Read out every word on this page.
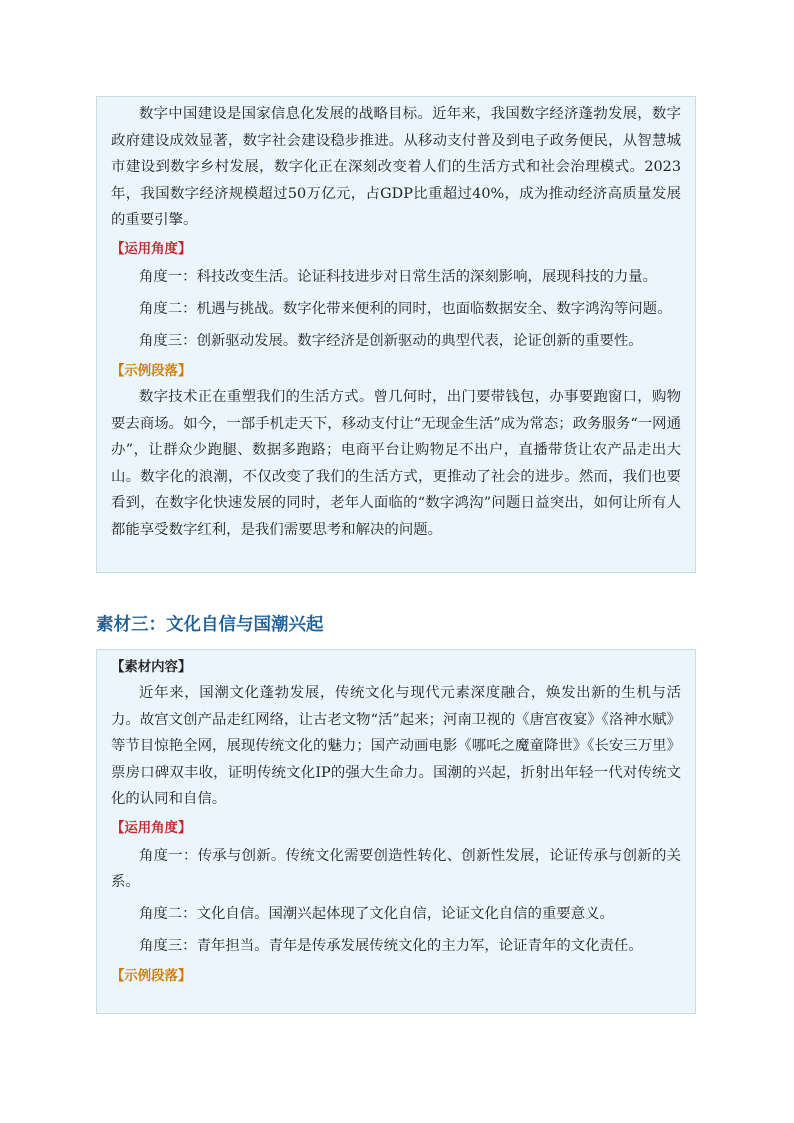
数字中国建设是国家信息化发展的战略目标。近年来，我国数字经济蓬勃发展，数字政府建设成效显著，数字社会建设稳步推进。从移动支付普及到电子政务便民，从智慧城市建设到数字乡村发展，数字化正在深刻改变着人们的生活方式和社会治理模式。2023年，我国数字经济规模超过50万亿元，占GDP比重超过40%，成为推动经济高质量发展的重要引擎。

【运用角度】

角度一：科技改变生活。论证科技进步对日常生活的深刻影响，展现科技的力量。

角度二：机遇与挑战。数字化带来便利的同时，也面临数据安全、数字鸿沟等问题。

角度三：创新驱动发展。数字经济是创新驱动的典型代表，论证创新的重要性。

【示例段落】

数字技术正在重塑我们的生活方式。曾几何时，出门要带钱包，办事要跑窗口，购物要去商场。如今，一部手机走天下，移动支付让“无现金生活”成为常态；政务服务“一网通办”，让群众少跑腿、数据多跑路；电商平台让购物足不出户，直播带货让农产品走出大山。数字化的浪潮，不仅改变了我们的生活方式，更推动了社会的进步。然而，我们也要看到，在数字化快速发展的同时，老年人面临的“数字鸿沟”问题日益突出，如何让所有人都能享受数字红利，是我们需要思考和解决的问题。

素材三：文化自信与国潮兴起

【素材内容】

近年来，国潮文化蓬勃发展，传统文化与现代元素深度融合，焕发出新的生机与活力。故宫文创产品走红网络，让古老文物“活”起来；河南卫视的《唐宫夜宴》《洛神水赋》等节目惊艳全网，展现传统文化的魅力；国产动画电影《哪吒之魔童降世》《长安三万里》票房口碑双丰收，证明传统文化IP的强大生命力。国潮的兴起，折射出年轻一代对传统文化的认同和自信。

【运用角度】

角度一：传承与创新。传统文化需要创造性转化、创新性发展，论证传承与创新的关系。

角度二：文化自信。国潮兴起体现了文化自信，论证文化自信的重要意义。

角度三：青年担当。青年是传承发展传统文化的主力军，论证青年的文化责任。

【示例段落】
